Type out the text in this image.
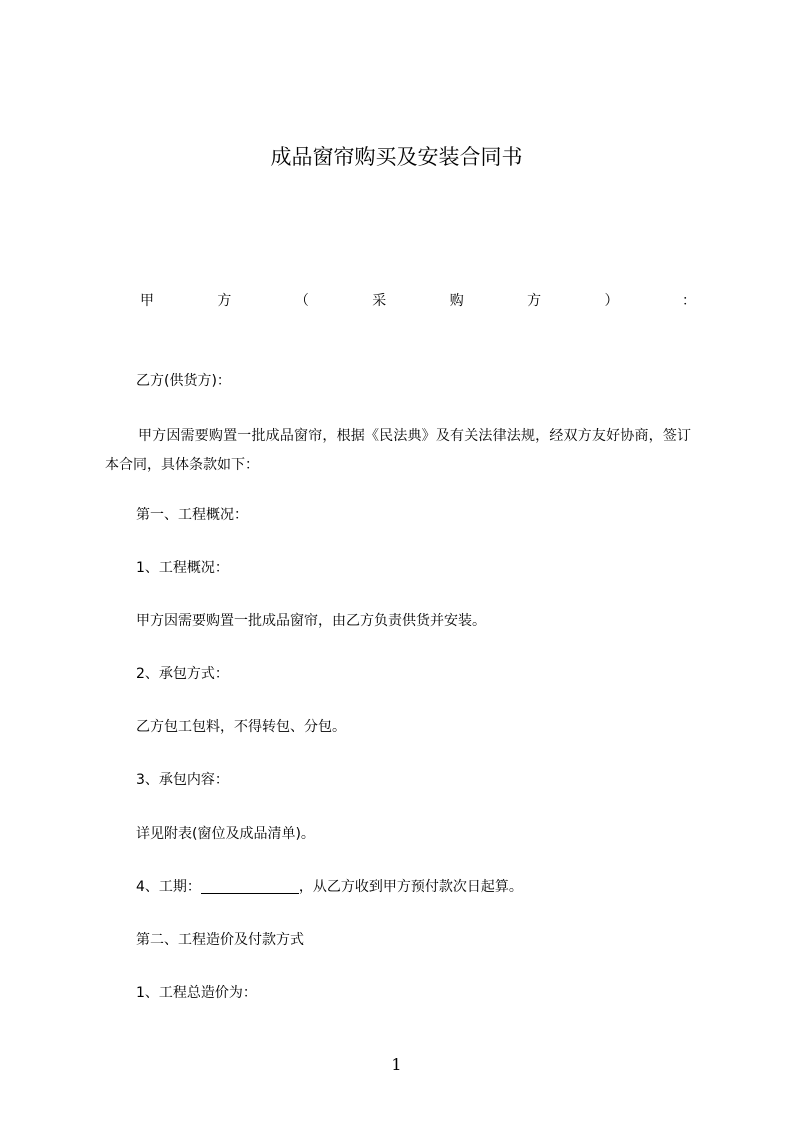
成品窗帘购买及安装合同书
甲	方	（	采	购	方	）	：
乙方(供货方)：
甲方因需要购置一批成品窗帘，根据《民法典》及有关法律法规，经双方友好协商，签订本合同，具体条款如下：
第一、工程概况：
1、工程概况：
甲方因需要购置一批成品窗帘，由乙方负责供货并安装。
2、承包方式：
乙方包工包料，不得转包、分包。
3、承包内容：
详见附表(窗位及成品清单)。
4、工期：	，从乙方收到甲方预付款次日起算。
第二、工程造价及付款方式
1、工程总造价为：
1
